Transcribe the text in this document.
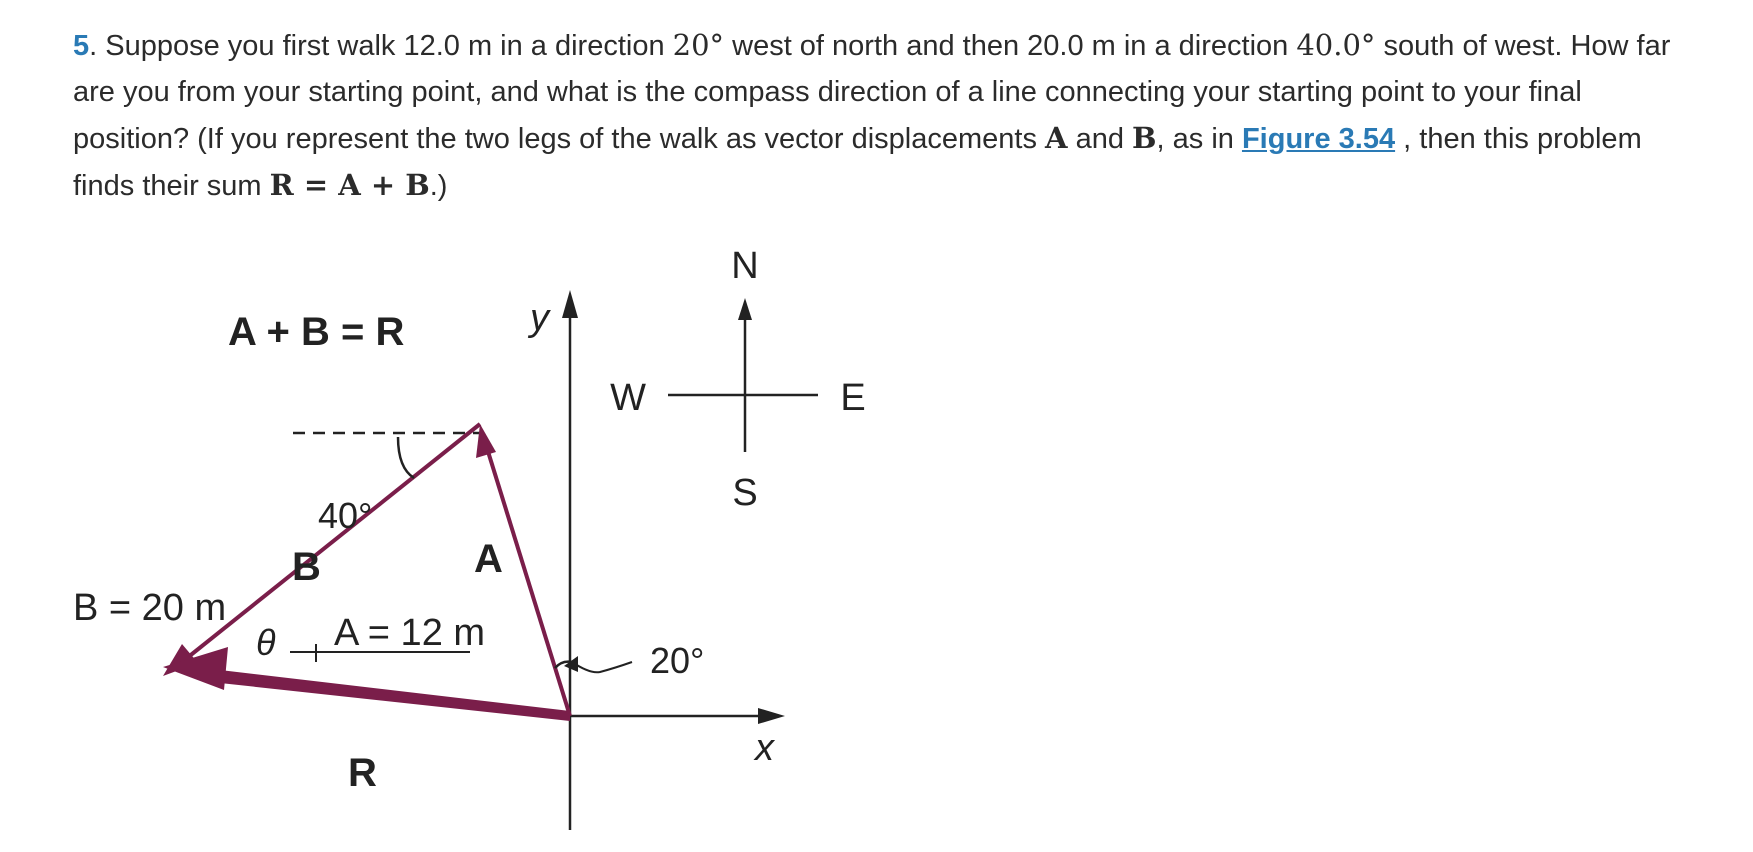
5. Suppose you first walk 12.0 m in a direction 20° west of north and then 20.0 m in a direction 40.0° south of west. How far are you from your starting point, and what is the compass direction of a line connecting your starting point to your final position? (If you represent the two legs of the walk as vector displacements A and B, as in Figure 3.54 , then this problem finds their sum R = A + B.)
y
x
N
S
W	E
A + B = R
40°
20°
θ
B	A
R
B = 20 m
A = 12 m
